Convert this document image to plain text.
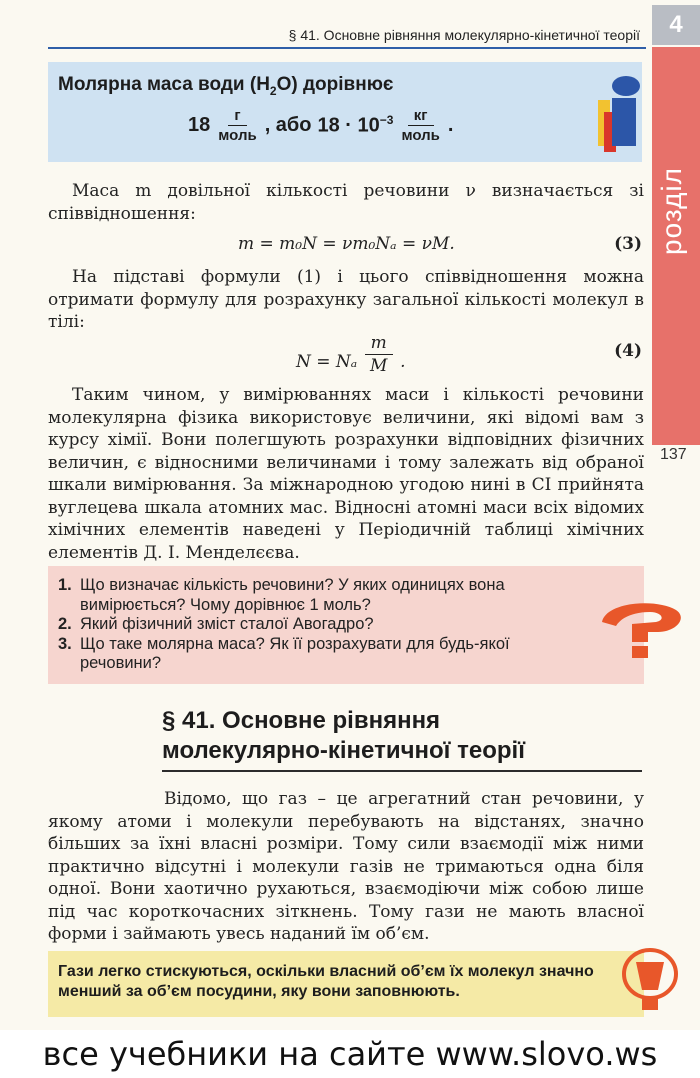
§ 41. Основне рівняння молекулярно-кінетичної теорії	4
розділ
137
Молярна маса води $(H_2O)$ дорівнює
$18 \frac{г}{\text{моль}}$ , або $18 \cdot 10^{-3} \frac{кг}{\text{моль}}$ .
Маса m довільної кількості речовини ν визначається зі співвідношення:
m = m₀N = νm₀Nₐ = νM.	(3)
На підставі формули (1) і цього співвідношення можна отримати формулу для розрахунку загальної кількості молекул в тілі:
N = Nₐ $\frac{m}{M}$ .
(4)
Таким чином, у вимірюваннях маси і кількості речовини молекулярна фізика використовує величини, які відомі вам з курсу хімії. Вони полегшують розрахунки відповідних фізичних величин, є відносними величинами і тому залежать від обраної шкали вимірювання. За міжнародною угодою нині в СІ прийнята вуглецева шкала атомних мас. Відносні атомні маси всіх відомих хімічних елементів наведені у Періодичній таблиці хімічних елементів Д. І. Менделєєва.
1. Що визначає кількість речовини? У яких одиницях вона вимірюється? Чому дорівнює 1 моль?
2. Який фізичний зміст сталої Авогадро?
3. Що таке молярна маса? Як її розрахувати для будь-якої речовини?
§ 41. Основне рівняння
молекулярно-кінетичної теорії
Відомо, що газ – це агрегатний стан речовини, у якому атоми і молекули перебувають на відстанях, значно більших за їхні власні розміри. Тому сили взаємодії між ними практично відсутні і молекули газів не тримаються одна біля одної. Вони хаотично рухаються, взаємодіючи між собою лише під час короткочасних зіткнень. Тому гази не мають власної форми і займають увесь наданий їм об’єм.
Гази легко стискуються, оскільки власний об’єм їх молекул значно менший за об’єм посудини, яку вони заповнюють.
все учебники на сайте www.slovo.ws
